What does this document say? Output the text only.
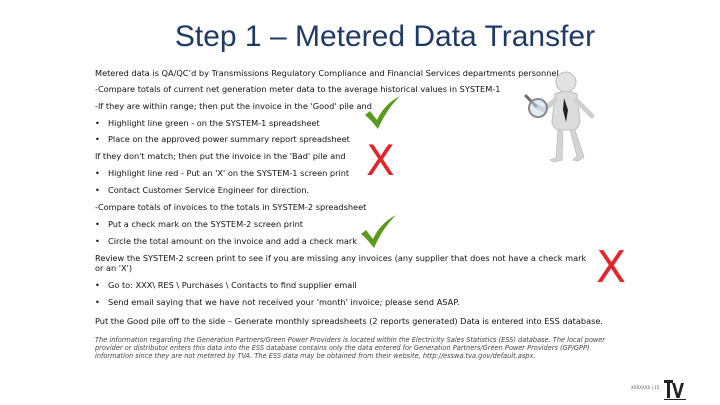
Step 1 – Metered Data Transfer
Metered data is QA/QC’d by Transmissions Regulatory Compliance and Financial Services departments personnel
-Compare totals of current net generation meter data to the average historical values in SYSTEM-1
-If they are within range; then put the invoice in the 'Good' pile and
• Highlight line green - on the SYSTEM-1 spreadsheet
• Place on the approved power summary report spreadsheet
If they don't match; then put the invoice in the 'Bad' pile and
• Highlight line red - Put an 'X' on the SYSTEM-1 screen print
• Contact Customer Service Engineer for direction.
-Compare totals of invoices to the totals in SYSTEM-2 spreadsheet
• Put a check mark on the SYSTEM-2 screen print
• Circle the total amount on the invoice and add a check mark
Review the SYSTEM-2 screen print to see if you are missing any invoices (any supplier that does not have a check mark or an 'X')
• Go to: XXX\ RES \ Purchases \ Contacts to find supplier email
• Send email saying that we have not received your 'month' invoice; please send ASAP.
Put the Good pile off to the side – Generate monthly spreadsheets (2 reports generated) Data is entered into ESS database.
The information regarding the Generation Partners/Green Power Providers is located within the Electricity Sales Statistics (ESS) database. The local power provider or distributor enters this data into the ESS database contains only the data entered for Generation Partners/Green Power Providers (GP/GPP) information since they are not metered by TVA. The ESS data may be obtained from their website, http://esswa.tva.gov/default.aspx.
X
X
XXXXXXX | 15
TVA
